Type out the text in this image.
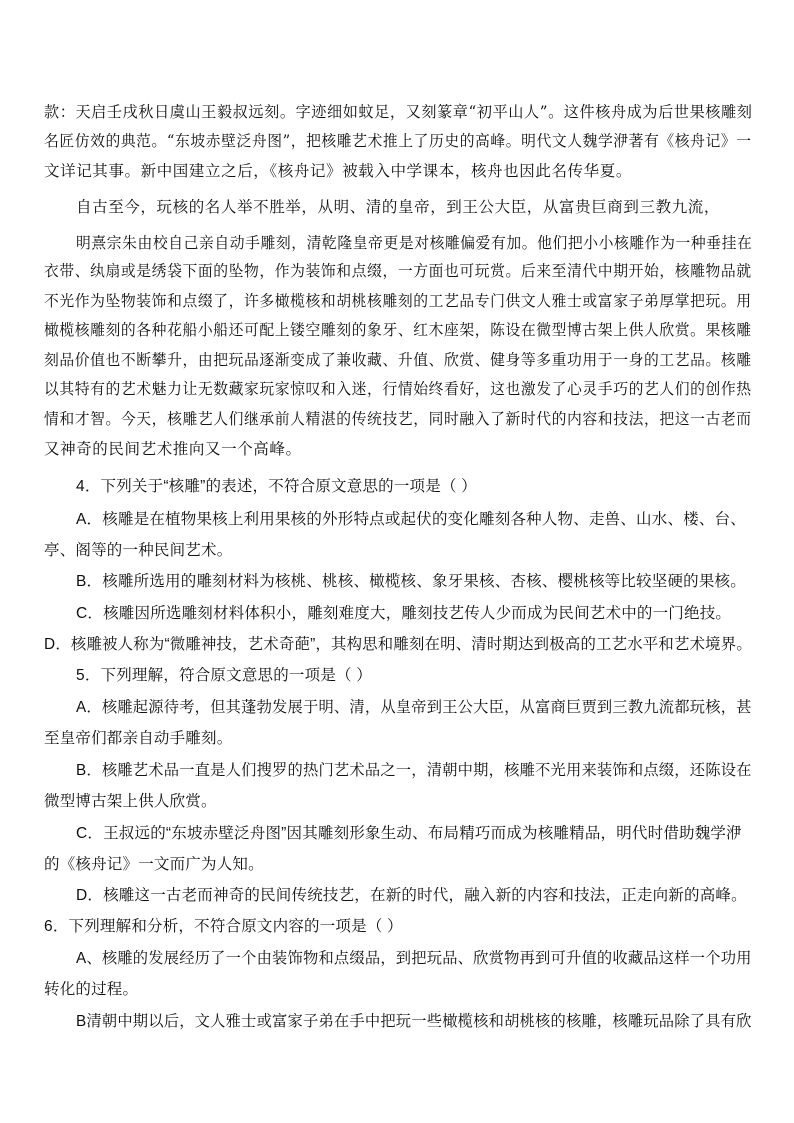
款：天启壬戌秋日虞山王毅叔远刻。字迹细如蚊足，又刻篆章“初平山人”。这件核舟成为后世果核雕刻
名匠仿效的典范。“东坡赤壁泛舟图”，把核雕艺术推上了历史的高峰。明代文人魏学洢著有《核舟记》一
文详记其事。新中国建立之后，《核舟记》被载入中学课本，核舟也因此名传华夏。
自古至今，玩核的名人举不胜举，从明、清的皇帝，到王公大臣，从富贵巨商到三教九流，
明熹宗朱由校自己亲自动手雕刻，清乾隆皇帝更是对核雕偏爱有加。他们把小小核雕作为一种垂挂在
衣带、纨扇或是绣袋下面的坠物，作为装饰和点缀，一方面也可玩赏。后来至清代中期开始，核雕物品就
不光作为坠物装饰和点缀了，许多橄榄核和胡桃核雕刻的工艺品专门供文人雅士或富家子弟厚掌把玩。用
橄榄核雕刻的各种花船小船还可配上镂空雕刻的象牙、红木座架，陈设在微型博古架上供人欣赏。果核雕
刻品价值也不断攀升，由把玩品逐渐变成了兼收藏、升值、欣赏、健身等多重功用于一身的工艺品。核雕
以其特有的艺术魅力让无数藏家玩家惊叹和入迷，行情始终看好，这也激发了心灵手巧的艺人们的创作热
情和才智。今天，核雕艺人们继承前人精湛的传统技艺，同时融入了新时代的内容和技法，把这一古老而
又神奇的民间艺术推向又一个高峰。
4．下列关于“核雕”的表述，不符合原文意思的一项是（ ）
A．核雕是在植物果核上利用果核的外形特点或起伏的变化雕刻各种人物、走兽、山水、楼、台、
亭、阁等的一种民间艺术。
B．核雕所选用的雕刻材料为核桃、桃核、橄榄核、象牙果核、杏核、樱桃核等比较坚硬的果核。
C．核雕因所选雕刻材料体积小，雕刻难度大，雕刻技艺传人少而成为民间艺术中的一门绝技。
D．核雕被人称为“微雕神技，艺术奇葩”，其构思和雕刻在明、清时期达到极高的工艺水平和艺术境界。
5．下列理解，符合原文意思的一项是（ ）
A．核雕起源待考，但其蓬勃发展于明、清，从皇帝到王公大臣，从富商巨贾到三教九流都玩核，甚
至皇帝们都亲自动手雕刻。
B．核雕艺术品一直是人们搜罗的热门艺术品之一，清朝中期，核雕不光用来装饰和点缀，还陈设在
微型博古架上供人欣赏。
C．王叔远的“东坡赤壁泛舟图”因其雕刻形象生动、布局精巧而成为核雕精品，明代时借助魏学洢
的《核舟记》一文而广为人知。
D．核雕这一古老而神奇的民间传统技艺，在新的时代，融入新的内容和技法，正走向新的高峰。
6．下列理解和分析，不符合原文内容的一项是（ ）
A、核雕的发展经历了一个由装饰物和点缀品，到把玩品、欣赏物再到可升值的收藏品这样一个功用
转化的过程。
B清朝中期以后，文人雅士或富家子弟在手中把玩一些橄榄核和胡桃核的核雕，核雕玩品除了具有欣
